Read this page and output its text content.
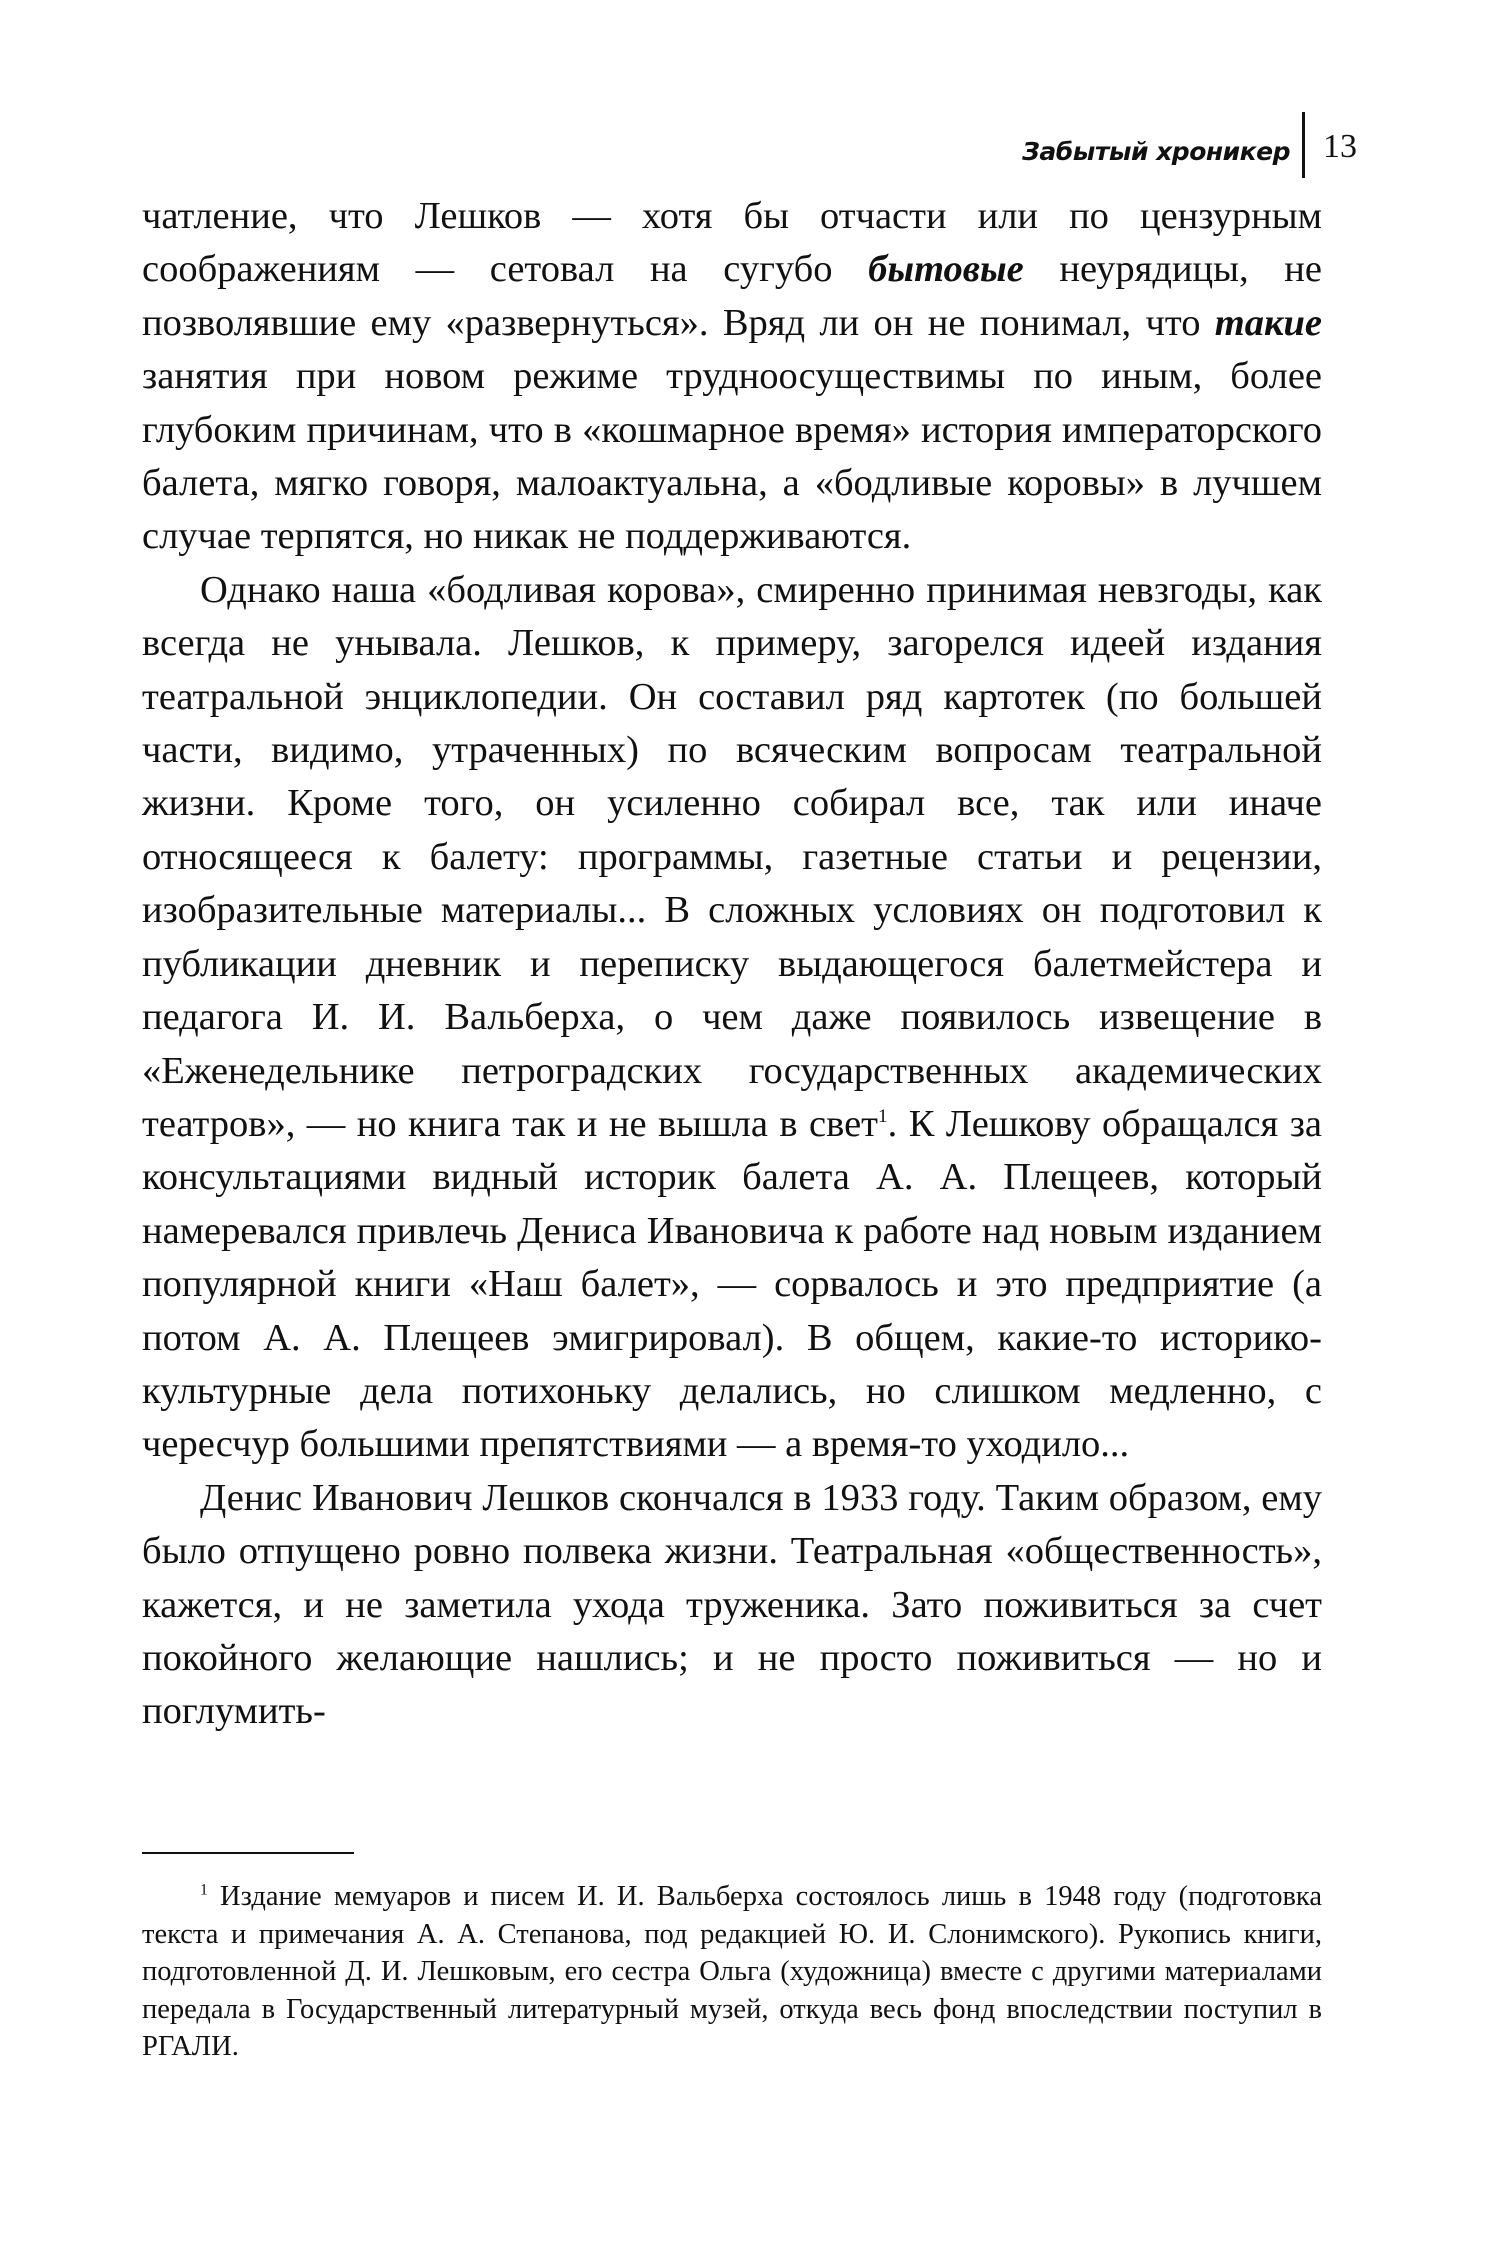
Забытый хроникер 13

чатление, что Лешков — хотя бы отчасти или по цензурным соображениям — сетовал на сугубо бытовые неурядицы, не позволявшие ему «развернуться». Вряд ли он не понимал, что такие занятия при новом режиме трудноосуществимы по иным, более глубоким причинам, что в «кошмарное время» история императорского балета, мягко говоря, малоактуальна, а «бодливые коровы» в лучшем случае терпятся, но никак не поддерживаются.

Однако наша «бодливая корова», смиренно принимая невзгоды, как всегда не унывала. Лешков, к примеру, загорелся идеей издания театральной энциклопедии. Он составил ряд картотек (по большей части, видимо, утраченных) по всяческим вопросам театральной жизни. Кроме того, он усиленно собирал все, так или иначе относящееся к балету: программы, газетные статьи и рецензии, изобразительные материалы... В сложных условиях он подготовил к публикации дневник и переписку выдающегося балетмейстера и педагога И. И. Вальберха, о чем даже появилось извещение в «Еженедельнике петроградских государственных академических театров», — но книга так и не вышла в свет$^1$. К Лешкову обращался за консультациями видный историк балета А. А. Плещеев, который намеревался привлечь Дениса Ивановича к работе над новым изданием популярной книги «Наш балет», — сорвалось и это предприятие (а потом А. А. Плещеев эмигрировал). В общем, какие-то историко-культурные дела потихоньку делались, но слишком медленно, с чересчур большими препятствиями — а время-то уходило...

Денис Иванович Лешков скончался в 1933 году. Таким образом, ему было отпущено ровно полвека жизни. Театральная «общественность», кажется, и не заметила ухода труженика. Зато поживиться за счет покойного желающие нашлись; и не просто поживиться — но и поглумить-

$^1$ Издание мемуаров и писем И. И. Вальберха состоялось лишь в 1948 году (подготовка текста и примечания А. А. Степанова, под редакцией Ю. И. Слонимского). Рукопись книги, подготовленной Д. И. Лешковым, его сестра Ольга (художница) вместе с другими материалами передала в Государственный литературный музей, откуда весь фонд впоследствии поступил в РГАЛИ.
